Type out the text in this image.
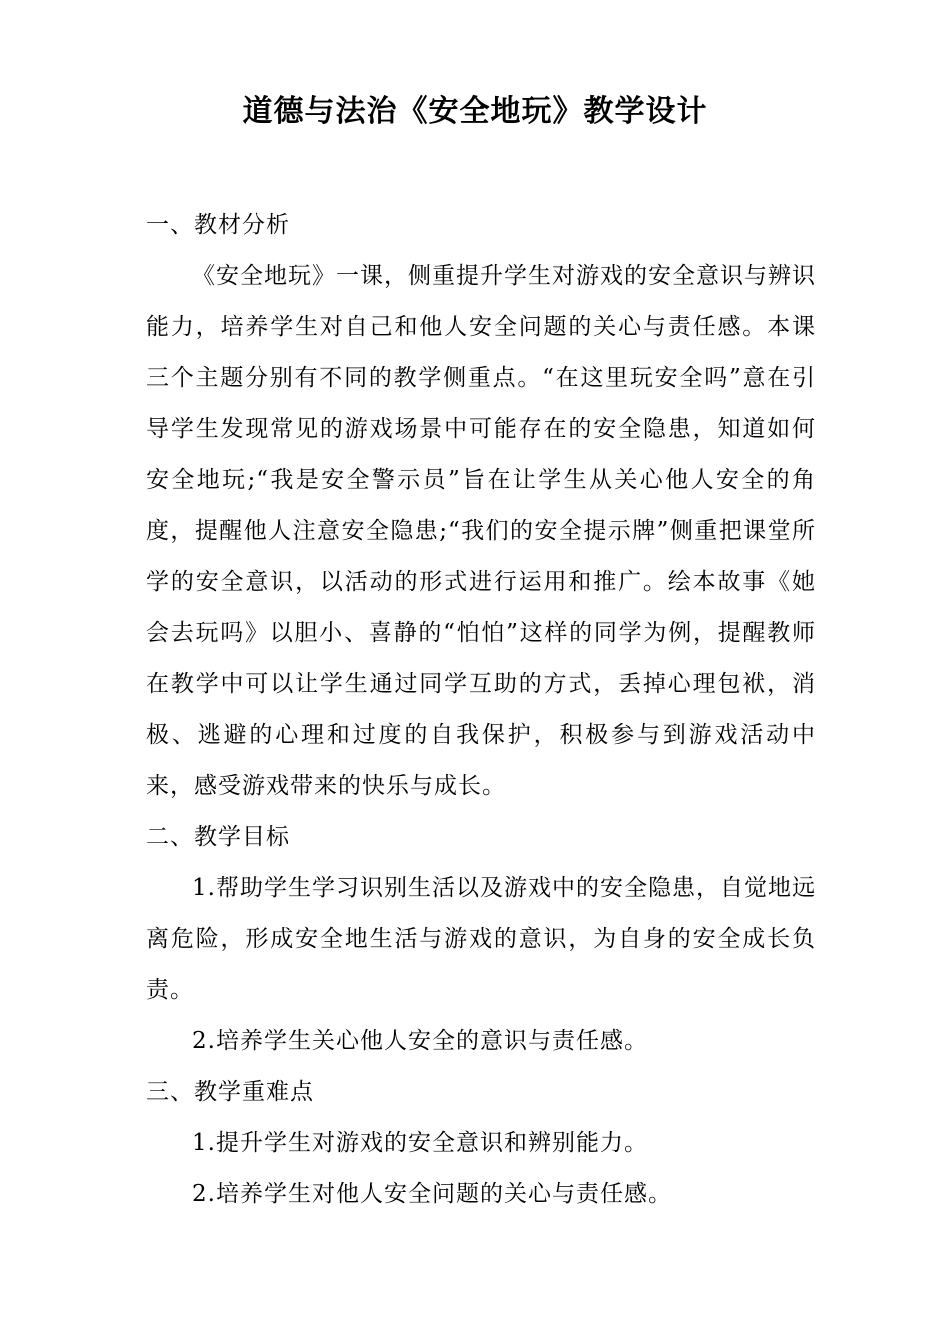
道德与法治《安全地玩》教学设计

一、教材分析

《安全地玩》一课，侧重提升学生对游戏的安全意识与辨识能力，培养学生对自己和他人安全问题的关心与责任感。本课三个主题分别有不同的教学侧重点。“在这里玩安全吗”意在引导学生发现常见的游戏场景中可能存在的安全隐患，知道如何安全地玩;“我是安全警示员”旨在让学生从关心他人安全的角度，提醒他人注意安全隐患;“我们的安全提示牌”侧重把课堂所学的安全意识，以活动的形式进行运用和推广。绘本故事《她会去玩吗》以胆小、喜静的“怕怕”这样的同学为例，提醒教师在教学中可以让学生通过同学互助的方式，丢掉心理包袱，消极、逃避的心理和过度的自我保护，积极参与到游戏活动中来，感受游戏带来的快乐与成长。

二、教学目标

1.帮助学生学习识别生活以及游戏中的安全隐患，自觉地远离危险，形成安全地生活与游戏的意识，为自身的安全成长负责。

2.培养学生关心他人安全的意识与责任感。

三、教学重难点

1.提升学生对游戏的安全意识和辨别能力。

2.培养学生对他人安全问题的关心与责任感。
